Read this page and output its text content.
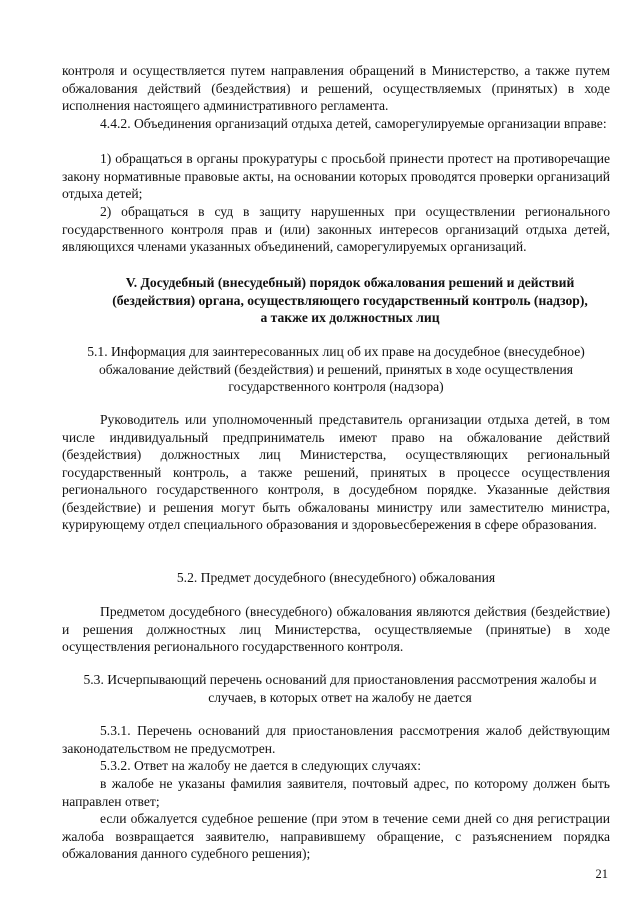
контроля и осуществляется путем направления обращений в Министерство, а также путем обжалования действий (бездействия) и решений, осуществляемых (принятых) в ходе исполнения настоящего административного регламента.
4.4.2. Объединения организаций отдыха детей, саморегулируемые организации вправе:
1) обращаться в органы прокуратуры с просьбой принести протест на противоречащие закону нормативные правовые акты, на основании которых проводятся проверки организаций отдыха детей;
2) обращаться в суд в защиту нарушенных при осуществлении регионального государственного контроля прав и (или) законных интересов организаций отдыха детей, являющихся членами указанных объединений, саморегулируемых организаций.
V. Досудебный (внесудебный) порядок обжалования решений и действий (бездействия) органа, осуществляющего государственный контроль (надзор), а также их должностных лиц
5.1. Информация для заинтересованных лиц об их праве на досудебное (внесудебное) обжалование действий (бездействия) и решений, принятых в ходе осуществления государственного контроля (надзора)
Руководитель или уполномоченный представитель организации отдыха детей, в том числе индивидуальный предприниматель имеют право на обжалование действий (бездействия) должностных лиц Министерства, осуществляющих региональный государственный контроль, а также решений, принятых в процессе осуществления регионального государственного контроля, в досудебном порядке. Указанные действия (бездействие) и решения могут быть обжалованы министру или заместителю министра, курирующему отдел специального образования и здоровьесбережения в сфере образования.
5.2. Предмет досудебного (внесудебного) обжалования
Предметом досудебного (внесудебного) обжалования являются действия (бездействие) и решения должностных лиц Министерства, осуществляемые (принятые) в ходе осуществления регионального государственного контроля.
5.3. Исчерпывающий перечень оснований для приостановления рассмотрения жалобы и случаев, в которых ответ на жалобу не дается
5.3.1. Перечень оснований для приостановления рассмотрения жалоб действующим законодательством не предусмотрен.
5.3.2. Ответ на жалобу не дается в следующих случаях:
в жалобе не указаны фамилия заявителя, почтовый адрес, по которому должен быть направлен ответ;
если обжалуется судебное решение (при этом в течение семи дней со дня регистрации жалоба возвращается заявителю, направившему обращение, с разъяснением порядка обжалования данного судебного решения);
21
